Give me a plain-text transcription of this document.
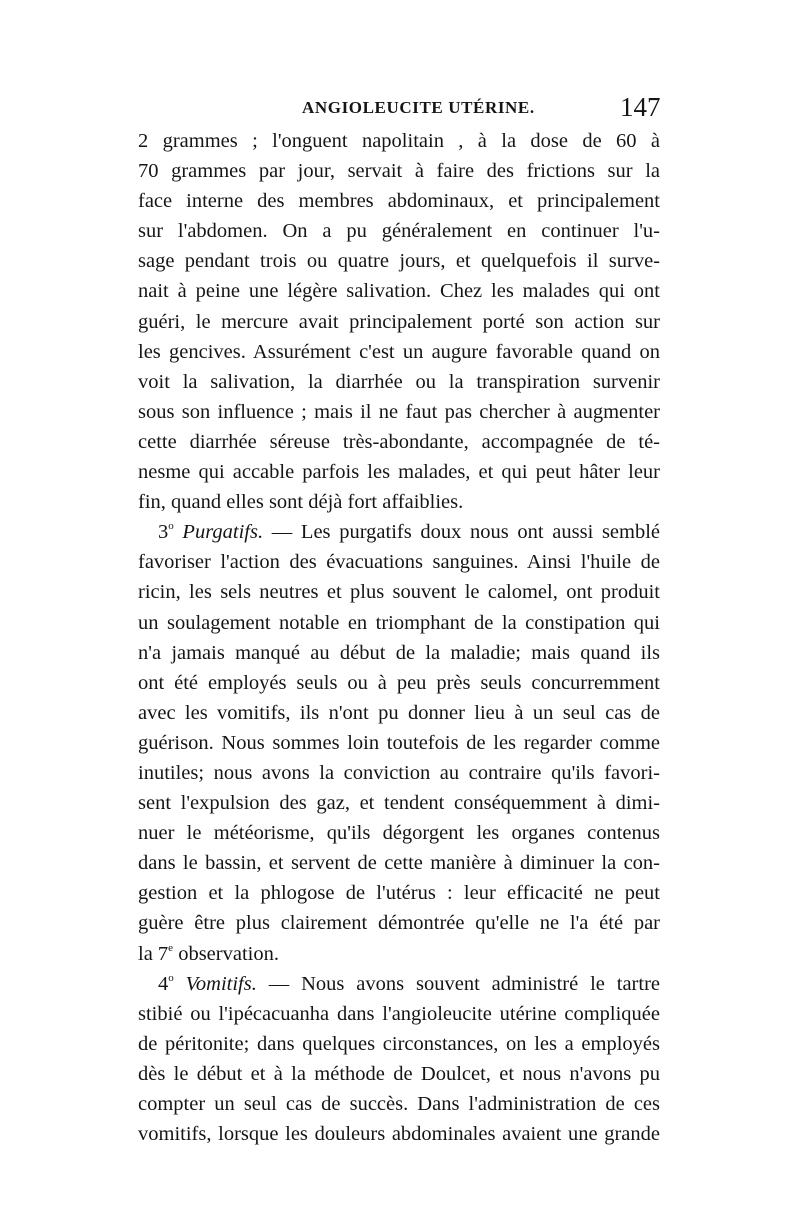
ANGIOLEUCITE UTÉRINE.	147
2 grammes ; l'onguent napolitain , à la dose de 60 à
70 grammes par jour, servait à faire des frictions sur la
face interne des membres abdominaux, et principalement
sur l'abdomen. On a pu généralement en continuer l'u-
sage pendant trois ou quatre jours, et quelquefois il surve-
nait à peine une légère salivation. Chez les malades qui ont
guéri, le mercure avait principalement porté son action sur
les gencives. Assurément c'est un augure favorable quand on
voit la salivation, la diarrhée ou la transpiration survenir
sous son influence ; mais il ne faut pas chercher à augmenter
cette diarrhée séreuse très-abondante, accompagnée de té-
nesme qui accable parfois les malades, et qui peut hâter leur
fin, quand elles sont déjà fort affaiblies.
3$^o$ Purgatifs. — Les purgatifs doux nous ont aussi semblé
favoriser l'action des évacuations sanguines. Ainsi l'huile de
ricin, les sels neutres et plus souvent le calomel, ont produit
un soulagement notable en triomphant de la constipation qui
n'a jamais manqué au début de la maladie; mais quand ils
ont été employés seuls ou à peu près seuls concurremment
avec les vomitifs, ils n'ont pu donner lieu à un seul cas de
guérison. Nous sommes loin toutefois de les regarder comme
inutiles; nous avons la conviction au contraire qu'ils favori-
sent l'expulsion des gaz, et tendent conséquemment à dimi-
nuer le météorisme, qu'ils dégorgent les organes contenus
dans le bassin, et servent de cette manière à diminuer la con-
gestion et la phlogose de l'utérus : leur efficacité ne peut
guère être plus clairement démontrée qu'elle ne l'a été par
la 7e observation.
4$^o$ Vomitifs. — Nous avons souvent administré le tartre
stibié ou l'ipécacuanha dans l'angioleucite utérine compliquée
de péritonite; dans quelques circonstances, on les a employés
dès le début et à la méthode de Doulcet, et nous n'avons pu
compter un seul cas de succès. Dans l'administration de ces
vomitifs, lorsque les douleurs abdominales avaient une grande
